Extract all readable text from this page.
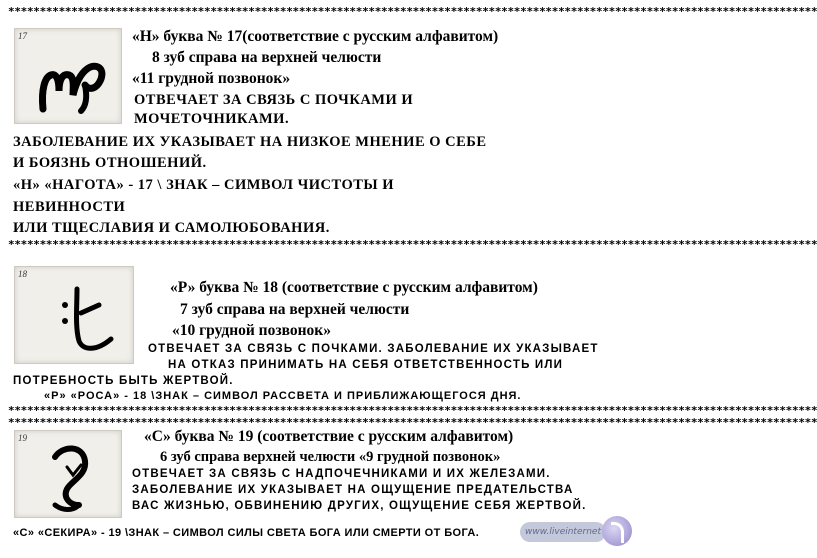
********************************************************************************************************************************
********************************************************************************************************************************
********************************************************************************************************************************
********************************************************************************************************************************
17	«Н» буква № 17(соответствие с русским алфавитом)
8 зуб справа на верхней челюсти
«11 грудной позвонок»
ОТВЕЧАЕТ ЗА СВЯЗЬ С ПОЧКАМИ И
МОЧЕТОЧНИКАМИ.
ЗАБОЛЕВАНИЕ ИХ УКАЗЫВАЕТ НА НИЗКОЕ МНЕНИЕ О СЕБЕ
И БОЯЗНЬ ОТНОШЕНИЙ.
«Н» «НАГОТА» - 17 \ ЗНАК – СИМВОЛ ЧИСТОТЫ И
НЕВИННОСТИ
ИЛИ ТЩЕСЛАВИЯ И САМОЛЮБОВАНИЯ.
18
«Р» буква № 18 (соответствие с русским алфавитом)
7 зуб справа на верхней челюсти
«10 грудной позвонок»
ОТВЕЧАЕТ ЗА СВЯЗЬ С ПОЧКАМИ. ЗАБОЛЕВАНИЕ ИХ УКАЗЫВАЕТ
НА ОТКАЗ ПРИНИМАТЬ НА СЕБЯ ОТВЕТСТВЕННОСТЬ ИЛИ
ПОТРЕБНОСТЬ БЫТЬ ЖЕРТВОЙ.
«Р» «РОСА» - 18 \ЗНАК – СИМВОЛ РАССВЕТА И ПРИБЛИЖАЮЩЕГОСЯ ДНЯ.
19	«С» буква № 19 (соответствие с русским алфавитом)
6 зуб справа верхней челюсти «9 грудной позвонок»
ОТВЕЧАЕТ ЗА СВЯЗЬ С НАДПОЧЕЧНИКАМИ И ИХ ЖЕЛЕЗАМИ.
ЗАБОЛЕВАНИЕ ИХ УКАЗЫВАЕТ НА ОЩУЩЕНИЕ ПРЕДАТЕЛЬСТВА
ВАС ЖИЗНЬЮ, ОБВИНЕНИЮ ДРУГИХ, ОЩУЩЕНИЕ СЕБЯ ЖЕРТВОЙ.
«С» «СЕКИРА» - 19 \ЗНАК – СИМВОЛ СИЛЫ СВЕТА БОГА ИЛИ СМЕРТИ ОТ БОГА.	www.liveinternet
